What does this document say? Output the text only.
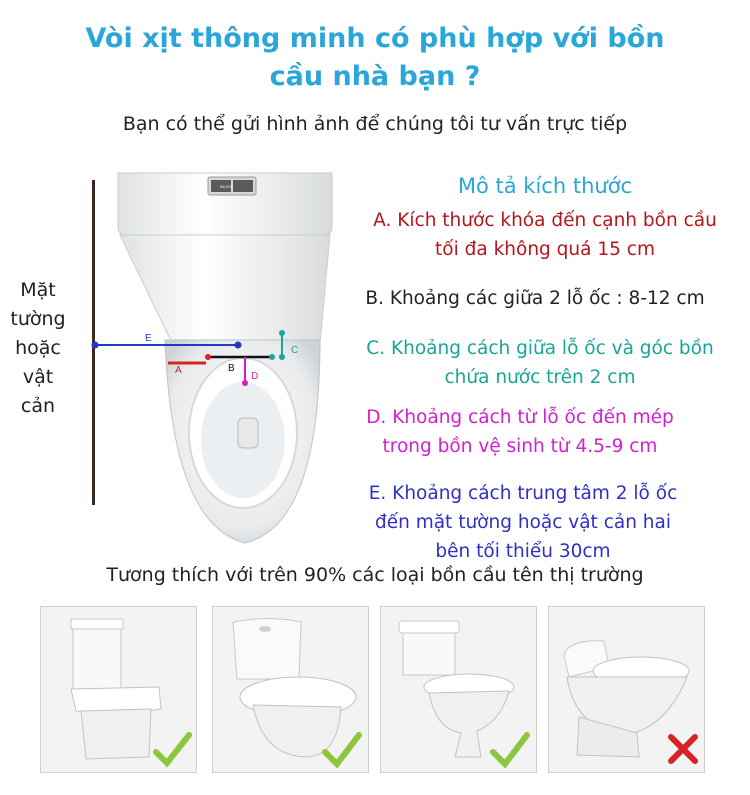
Vòi xịt thông minh có phù hợp với bồn
cầu nhà bạn ?
Bạn có thể gửi hình ảnh để chúng tôi tư vấn trực tiếp
Mặt
tường
hoặc
vật
cản
BEATE
E
A	B
C
D
Mô tả kích thước
A. Kích thước khóa đến cạnh bồn cầu
tối đa không quá 15 cm
B. Khoảng các giữa 2 lỗ ốc : 8-12 cm
C. Khoảng cách giữa lỗ ốc và góc bồn
chứa nước trên 2 cm
D. Khoảng cách từ lỗ ốc đến mép
trong bồn vệ sinh từ 4.5-9 cm
E. Khoảng cách trung tâm 2 lỗ ốc
đến mặt tường hoặc vật cản hai
bên tối thiểu 30cm
Tương thích với trên 90% các loại bồn cầu tên thị trường
